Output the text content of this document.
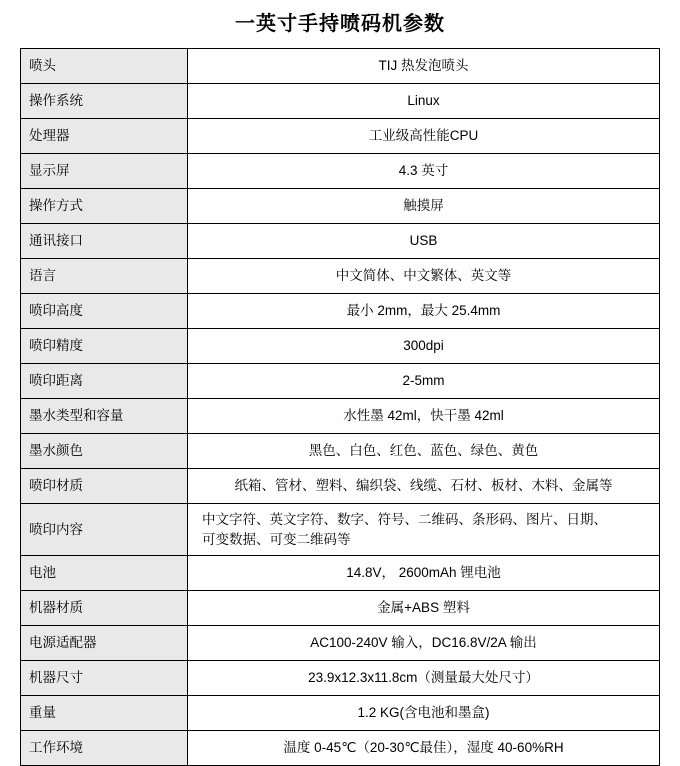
一英寸手持喷码机参数
喷头	TIJ 热发泡喷头
操作系统	Linux
处理器	工业级高性能CPU
显示屏	4.3 英寸
操作方式	触摸屏
通讯接口	USB
语言	中文简体、中文繁体、英文等
喷印高度	最小 2mm，最大 25.4mm
喷印精度	300dpi
喷印距离	2-5mm
墨水类型和容量	水性墨 42ml，快干墨 42ml
墨水颜色	黑色、白色、红色、蓝色、绿色、黄色
喷印材质	纸箱、管材、塑料、编织袋、线缆、石材、板材、木料、金属等
喷印内容	中文字符、英文字符、数字、符号、二维码、条形码、图片、日期、
可变数据、可变二维码等

电池	14.8V， 2600mAh 锂电池
机器材质	金属+ABS 塑料
电源适配器	AC100-240V 输入，DC16.8V/2A 输出
机器尺寸	23.9x12.3x11.8cm（测量最大处尺寸）
重量	1.2 KG(含电池和墨盒)
工作环境	温度 0-45℃（20-30℃最佳），湿度 40-60%RH
